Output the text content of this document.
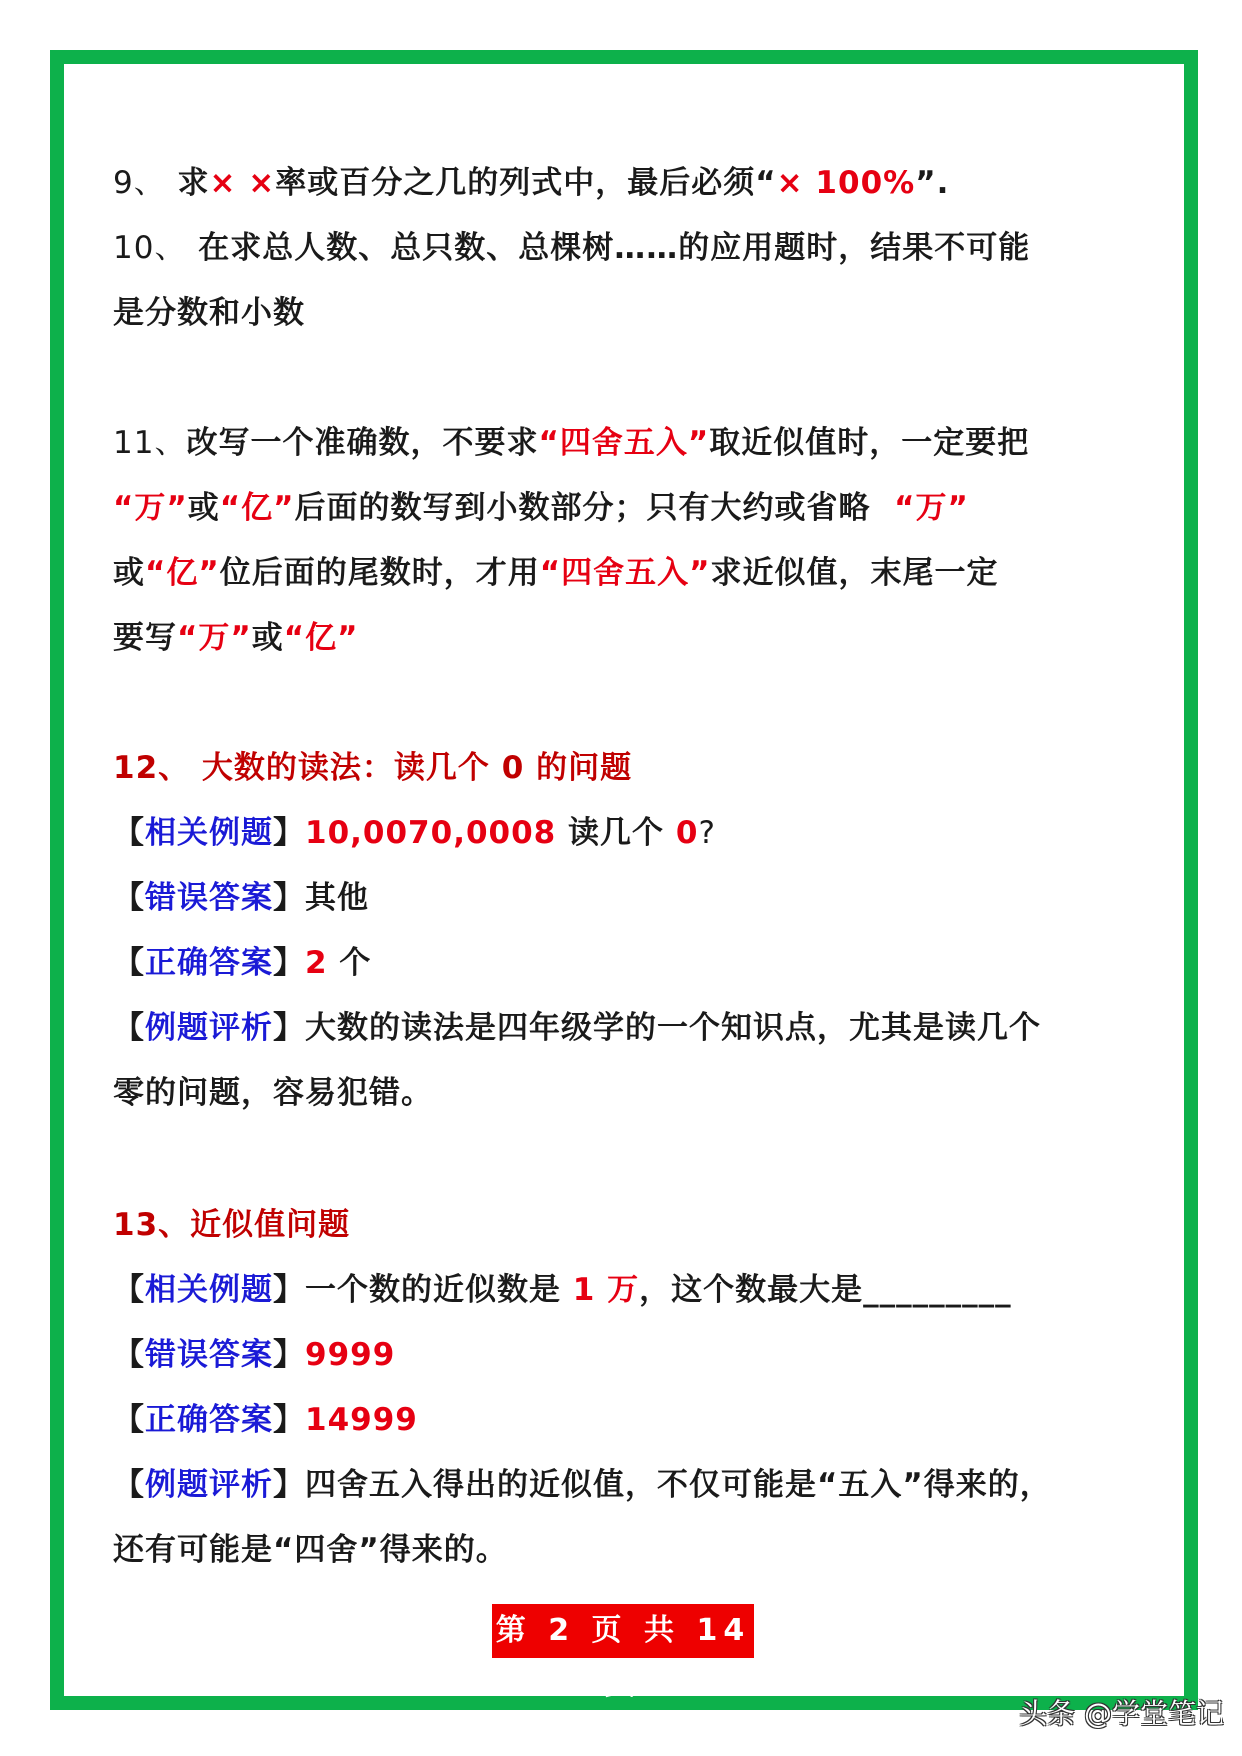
9、 求× ×率或百分之几的列式中，最后必须“× 100%”.
10、 在求总人数、总只数、总棵树……的应用题时，结果不可能
是分数和小数
11、改写一个准确数，不要求“四舍五入”取近似值时，一定要把
“万”或“亿”后面的数写到小数部分；只有大约或省略 “万”
或“亿”位后面的尾数时，才用“四舍五入”求近似值，末尾一定
要写“万”或“亿”
12、 大数的读法：读几个 0 的问题
【相关例题】10,0070,0008 读几个 0?
【错误答案】其他
【正确答案】2 个
【例题评析】大数的读法是四年级学的一个知识点，尤其是读几个
零的问题，容易犯错。
13、近似值问题
【相关例题】一个数的近似数是 1 万，这个数最大是_________
【错误答案】9999
【正确答案】14999
【例题评析】四舍五入得出的近似值，不仅可能是“五入”得来的，
还有可能是“四舍”得来的。
第 2 页 共 14 页
头条 @学堂笔记
